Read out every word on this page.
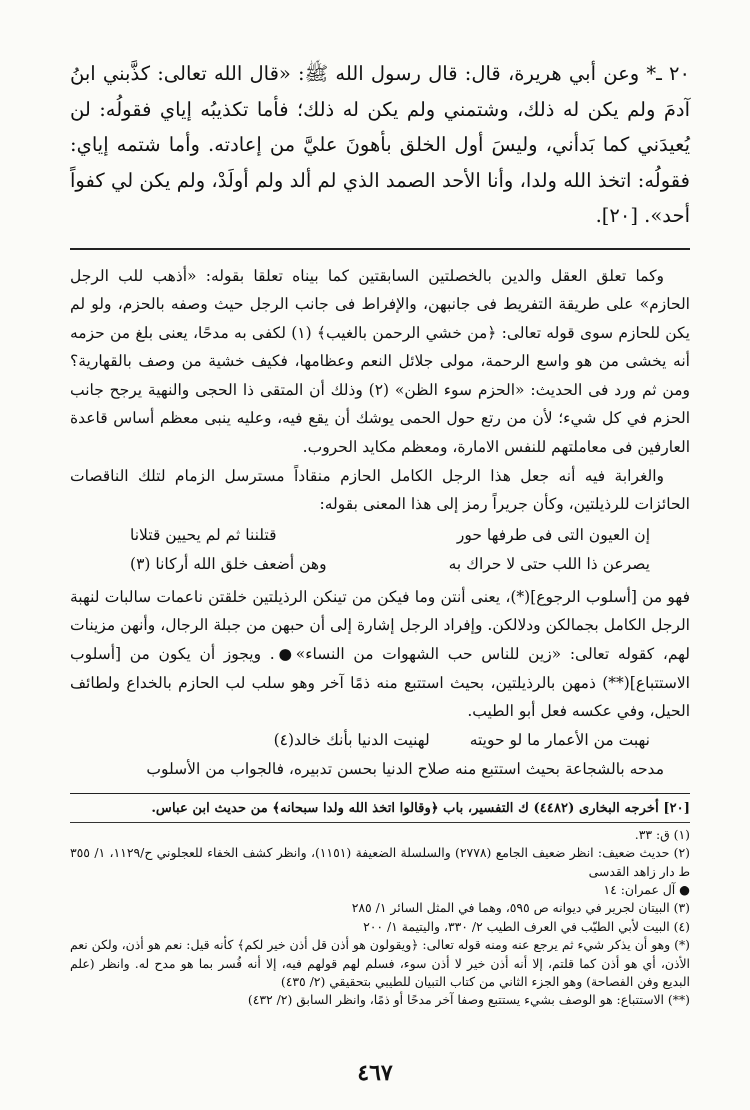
٢٠ ـ* وعن أبي هريرة، قال: قال رسول الله ﷺ: «قال الله تعالى: كذَّبني ابنُ آدمَ ولم يكن له ذلك، وشتمني ولم يكن له ذلك؛ فأما تكذيبُه إياي فقولُه: لن يُعيدَني كما بَدأني، وليسَ أول الخلق بأهونَ عليَّ من إعادته. وأما شتمه إياي: فقولُه: اتخذ الله ولدا، وأنا الأحد الصمد الذي لم ألد ولم أولَدْ، ولم يكن لي كفواً أحد». [٢٠].

وكما تعلق العقل والدين بالخصلتين السابقتين كما بيناه تعلقا بقوله: «أذهب للب الرجل الحازم» على طريقة التفريط فى جانبهن، والإفراط فى جانب الرجل حيث وصفه بالحزم، ولو لم يكن للحازم سوى قوله تعالى: ﴿من خشي الرحمن بالغيب﴾ (١) لكفى به مدحًا، يعنى بلغ من حزمه أنه يخشى من هو واسع الرحمة، مولى جلائل النعم وعظامها، فكيف خشية من وصف بالقهارية؟ ومن ثم ورد فى الحديث: «الحزم سوء الظن» (٢) وذلك أن المتقى ذا الحجى والنهية يرجح جانب الحزم في كل شيء؛ لأن من رتع حول الحمى يوشك أن يقع فيه، وعليه ينبى معظم أساس قاعدة العارفين فى معاملتهم للنفس الامارة، ومعظم مكايد الحروب.

والغرابة فيه أنه جعل هذا الرجل الكامل الحازم منقاداً مسترسل الزمام لتلك الناقصات الحائزات للرذيلتين، وكأن جريراً رمز إلى هذا المعنى بقوله:

إن العيون التى فى طرفها حور
قتلننا ثم لم يحيين قتلانا
يصرعن ذا اللب حتى لا حراك به
وهن أضعف خلق الله أركانا (٣)

فهو من [أسلوب الرجوع](*)، يعنى أنتن وما فيكن من تينكن الرذيلتين خلقتن ناعمات سالبات لنهبة الرجل الكامل بجمالكن ودلالكن. وإفراد الرجل إشارة إلى أن حبهن من جبلة الرجال، وأنهن مزينات لهم، كقوله تعالى: «زين للناس حب الشهوات من النساء»●. ويجوز أن يكون من [أسلوب الاستتباع](**) ذمهن بالرذيلتين، بحيث استتبع منه ذمًا آخر وهو سلب لب الحازم بالخداع ولطائف الحيل، وفي عكسه فعل أبو الطيب.

نهبت من الأعمار ما لو حويته
لهنيت الدنيا بأنك خالد(٤)

مدحه بالشجاعة بحيث استتبع منه صلاح الدنيا بحسن تدبيره، فالجواب من الأسلوب

[٢٠] أخرجه البخارى (٤٤٨٢) ك التفسير، باب ﴿وقالوا اتخذ الله ولدا سبحانه﴾ من حديث ابن عباس.

(١) ق: ٣٣.

(٢) حديث ضعيف: انظر ضعيف الجامع (٢٧٧٨) والسلسلة الضعيفة (١١٥١)، وانظر كشف الخفاء للعجلوني ح/١١٢٩، ١/ ٣٥٥ ط دار زاهد القدسى

● آل عمران: ١٤

(٣) البيتان لجرير في ديوانه ص ٥٩٥، وهما في المثل السائر ١/ ٢٨٥

(٤) البيت لأبي الطيّب في العرف الطيب ٢/ ٣٣٠، واليتيمة ١/ ٢٠٠

(*) وهو أن يذكر شيء ثم يرجع عنه ومنه قوله تعالى: ﴿ويقولون هو أذن قل أذن خير لكم﴾ كأنه قيل: نعم هو أذن، ولكن نعم الأذن، أي هو أذن كما قلتم، إلا أنه أذن خير لا أذن سوء، فسلم لهم قولهم فيه، إلا أنه فُسر بما هو مدح له. وانظر (علم البديع وفن الفصاحة) وهو الجزء الثاني من كتاب التبيان للطيبي بتحقيقي (٢/ ٤٣٥)

(**) الاستتباع: هو الوصف بشيء يستتبع وصفا آخر مدحًا أو ذمًا، وانظر السابق (٢/ ٤٣٢)

٤٦٧
